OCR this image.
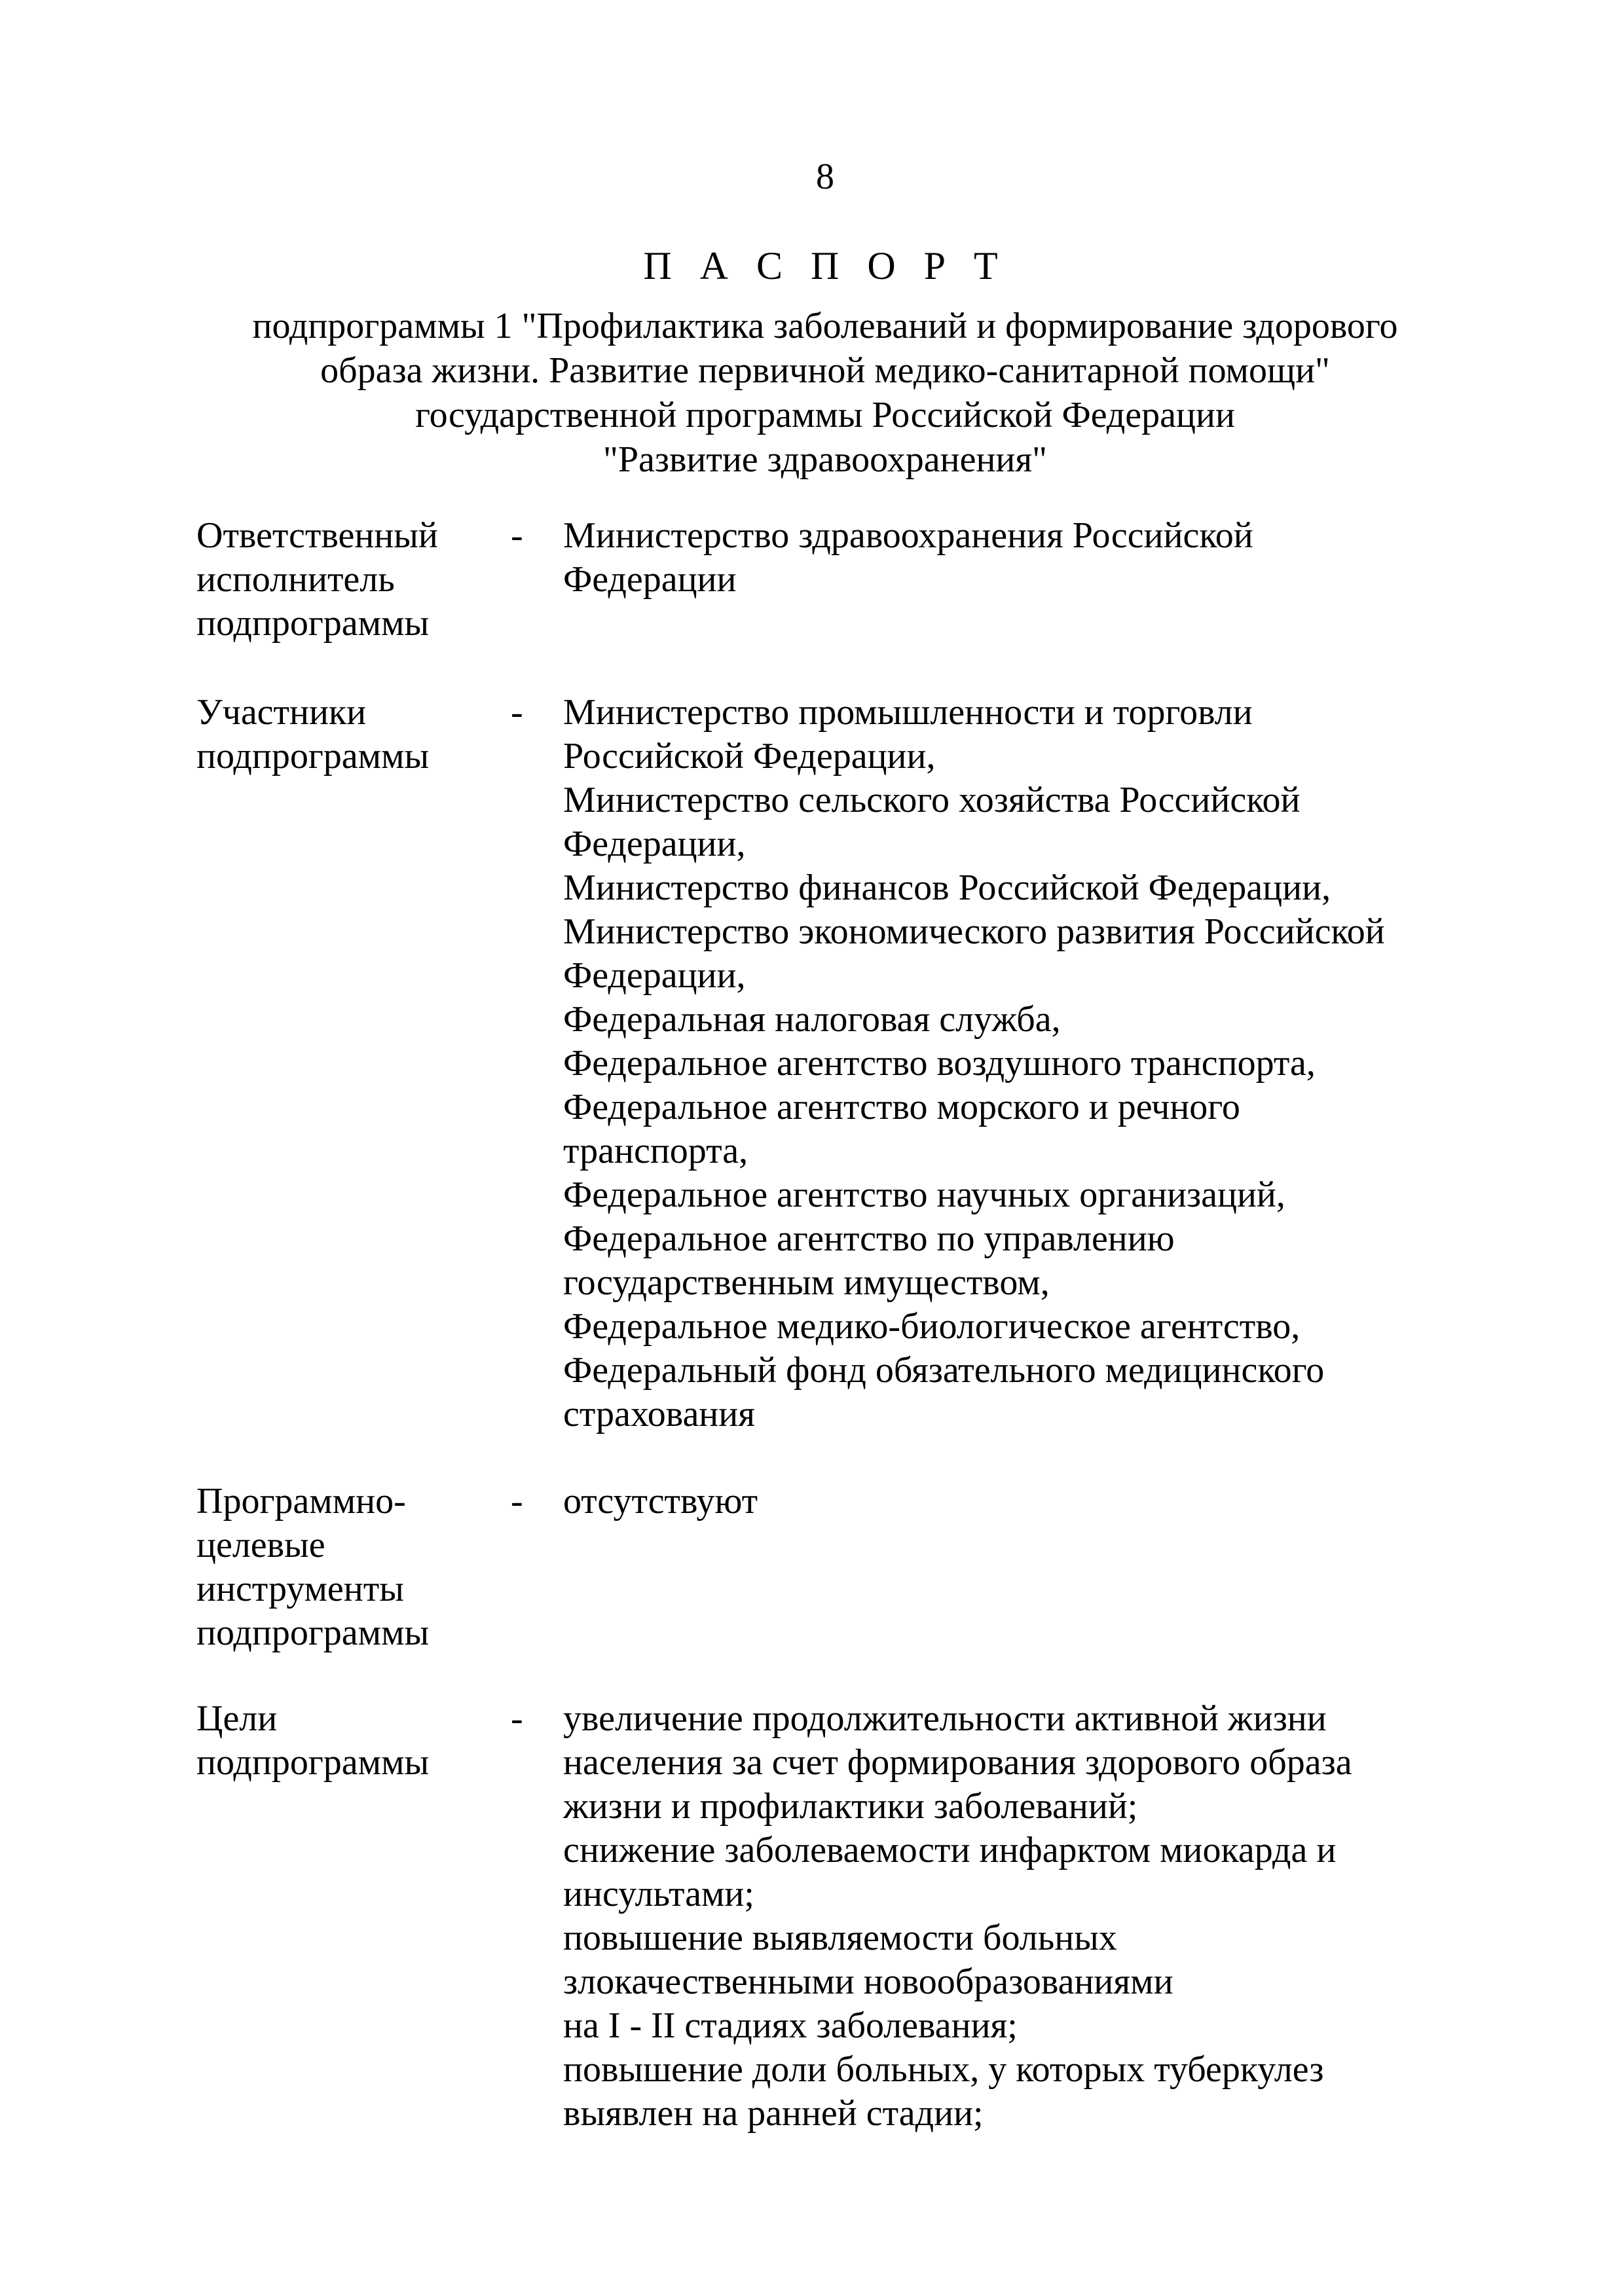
8
П А С П О Р Т
подпрограммы 1 "Профилактика заболеваний и формирование здорового
образа жизни. Развитие первичной медико-санитарной помощи"
государственной программы Российской Федерации
"Развитие здравоохранения"
Ответственный
исполнитель
подпрограммы
- Министерство здравоохранения Российской
Федерации
Участники
подпрограммы
- Министерство промышленности и торговли
Российской Федерации,
Министерство сельского хозяйства Российской
Федерации,
Министерство финансов Российской Федерации,
Министерство экономического развития Российской
Федерации,
Федеральная налоговая служба,
Федеральное агентство воздушного транспорта,
Федеральное агентство морского и речного
транспорта,
Федеральное агентство научных организаций,
Федеральное агентство по управлению
государственным имуществом,
Федеральное медико-биологическое агентство,
Федеральный фонд обязательного медицинского
страхования
Программно-
целевые
инструменты
подпрограммы
- отсутствуют
Цели
подпрограммы
- увеличение продолжительности активной жизни
населения за счет формирования здорового образа
жизни и профилактики заболеваний;
снижение заболеваемости инфарктом миокарда и
инсультами;
повышение выявляемости больных
злокачественными новообразованиями
на I - II стадиях заболевания;
повышение доли больных, у которых туберкулез
выявлен на ранней стадии;
